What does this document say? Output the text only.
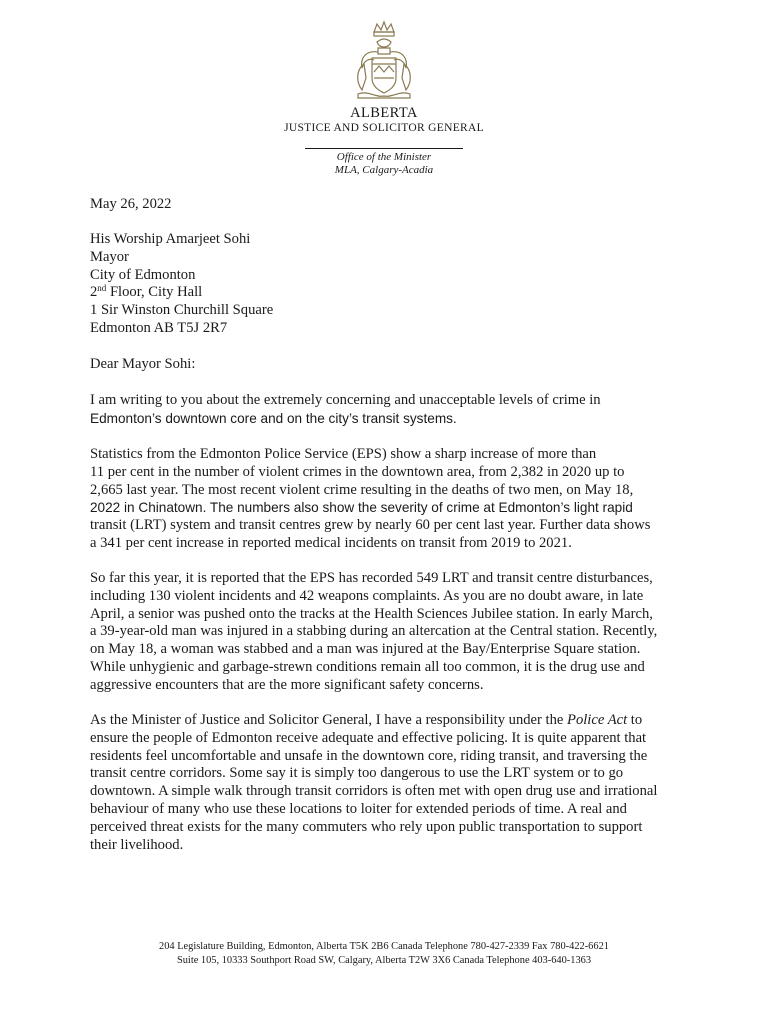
ALBERTA
JUSTICE AND SOLICITOR GENERAL
Office of the Minister
MLA, Calgary-Acadia
May 26, 2022
His Worship Amarjeet Sohi
Mayor
City of Edmonton
2nd Floor, City Hall
1 Sir Winston Churchill Square
Edmonton AB T5J 2R7
Dear Mayor Sohi:
I am writing to you about the extremely concerning and unacceptable levels of crime in
Edmonton’s downtown core and on the city’s transit systems.
Statistics from the Edmonton Police Service (EPS) show a sharp increase of more than
11 per cent in the number of violent crimes in the downtown area, from 2,382 in 2020 up to
2,665 last year. The most recent violent crime resulting in the deaths of two men, on May 18,
2022 in Chinatown. The numbers also show the severity of crime at Edmonton’s light rapid
transit (LRT) system and transit centres grew by nearly 60 per cent last year. Further data shows
a 341 per cent increase in reported medical incidents on transit from 2019 to 2021.
So far this year, it is reported that the EPS has recorded 549 LRT and transit centre disturbances,
including 130 violent incidents and 42 weapons complaints. As you are no doubt aware, in late
April, a senior was pushed onto the tracks at the Health Sciences Jubilee station. In early March,
a 39-year-old man was injured in a stabbing during an altercation at the Central station. Recently,
on May 18, a woman was stabbed and a man was injured at the Bay/Enterprise Square station.
While unhygienic and garbage-strewn conditions remain all too common, it is the drug use and
aggressive encounters that are the more significant safety concerns.
As the Minister of Justice and Solicitor General, I have a responsibility under the Police Act to
ensure the people of Edmonton receive adequate and effective policing. It is quite apparent that
residents feel uncomfortable and unsafe in the downtown core, riding transit, and traversing the
transit centre corridors. Some say it is simply too dangerous to use the LRT system or to go
downtown. A simple walk through transit corridors is often met with open drug use and irrational
behaviour of many who use these locations to loiter for extended periods of time. A real and
perceived threat exists for the many commuters who rely upon public transportation to support
their livelihood.
204 Legislature Building, Edmonton, Alberta T5K 2B6 Canada Telephone 780-427-2339 Fax 780-422-6621
Suite 105, 10333 Southport Road SW, Calgary, Alberta T2W 3X6 Canada Telephone 403-640-1363
